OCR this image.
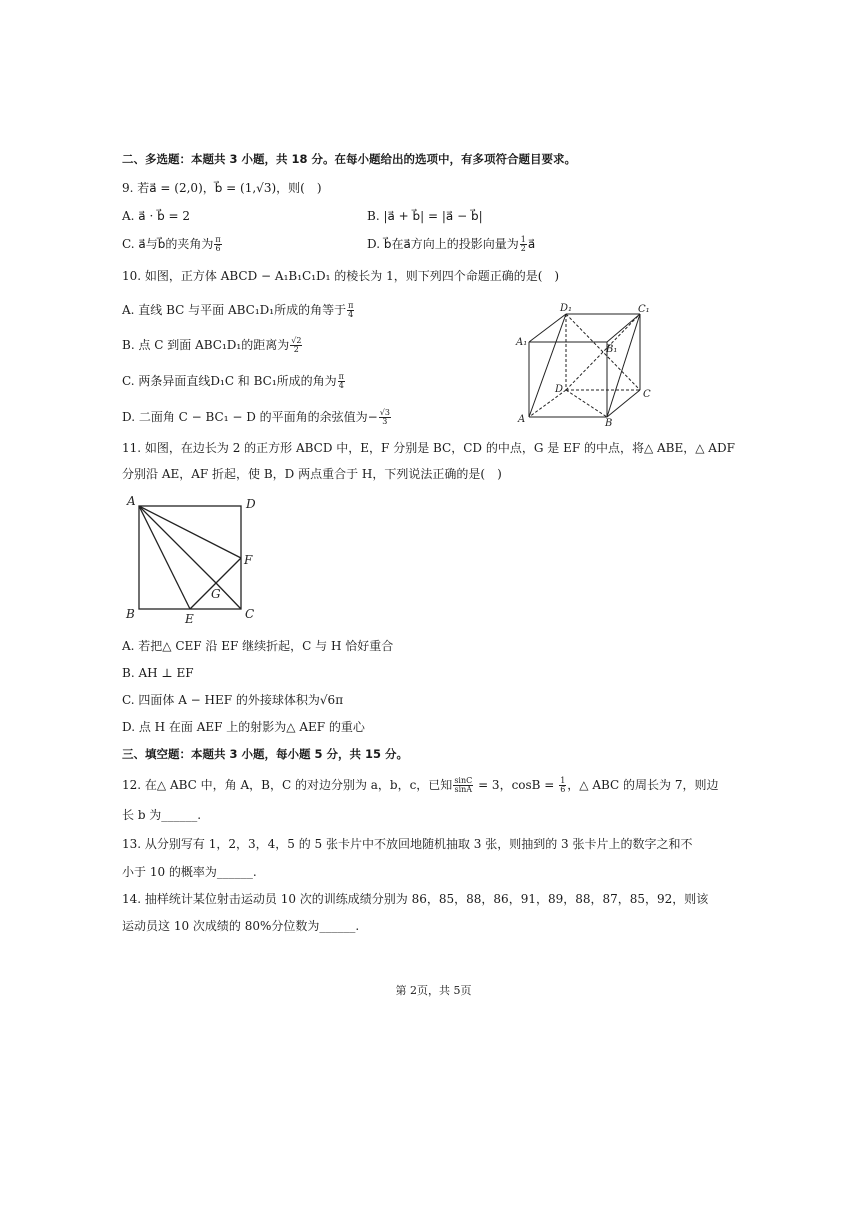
二、多选题：本题共 3 小题，共 18 分。在每小题给出的选项中，有多项符合题目要求。
9. 若a⃗ = (2,0)，b⃗ = (1,√3)，则(　)
A. a⃗ · b⃗ = 2	B. |a⃗ + b⃗| = |a⃗ − b⃗|
C. a⃗与b⃗的夹角为 $\frac{\pi}{6}$	D. b⃗在a⃗方向上的投影向量为 $\frac{1}{2}$ a⃗
10. 如图，正方体 ABCD − A₁B₁C₁D₁ 的棱长为 1，则下列四个命题正确的是(　)
A. 直线 BC 与平面 ABC₁D₁所成的角等于 $\frac{\pi}{4}$
B. 点 C 到面 ABC₁D₁的距离为 $\frac{√2}{2}$
C. 两条异面直线D₁C 和 BC₁所成的角为 $\frac{\pi}{4}$
D. 二面角 C − BC₁ − D 的平面角的余弦值为− $\frac{√3}{3}$
D₁	C₁
A₁
B₁
D	C
A	B
11. 如图，在边长为 2 的正方形 ABCD 中，E，F 分别是 BC，CD 的中点，G 是 EF 的中点，将△ ABE，△ ADF
分别沿 AE，AF 折起，使 B，D 两点重合于 H，下列说法正确的是(　)
A	D
F
G
B	E	C
A. 若把△ CEF 沿 EF 继续折起，C 与 H 恰好重合
B. AH ⊥ EF
C. 四面体 A − HEF 的外接球体积为√6π
D. 点 H 在面 AEF 上的射影为△ AEF 的重心
三、填空题：本题共 3 小题，每小题 5 分，共 15 分。
12. 在△ ABC 中，角 A，B，C 的对边分别为 a，b，c，已知 $\frac{\sin C}{\sin A} = 3$，$\cos B = \frac{1}{6}$ ，△ ABC 的周长为 7，则边
长 b 为______.
13. 从分别写有 1，2，3，4，5 的 5 张卡片中不放回地随机抽取 3 张，则抽到的 3 张卡片上的数字之和不
小于 10 的概率为______.
14. 抽样统计某位射击运动员 10 次的训练成绩分别为 86，85，88，86，91，89，88，87，85，92，则该
运动员这 10 次成绩的 80%分位数为______.
第 2页，共 5页
